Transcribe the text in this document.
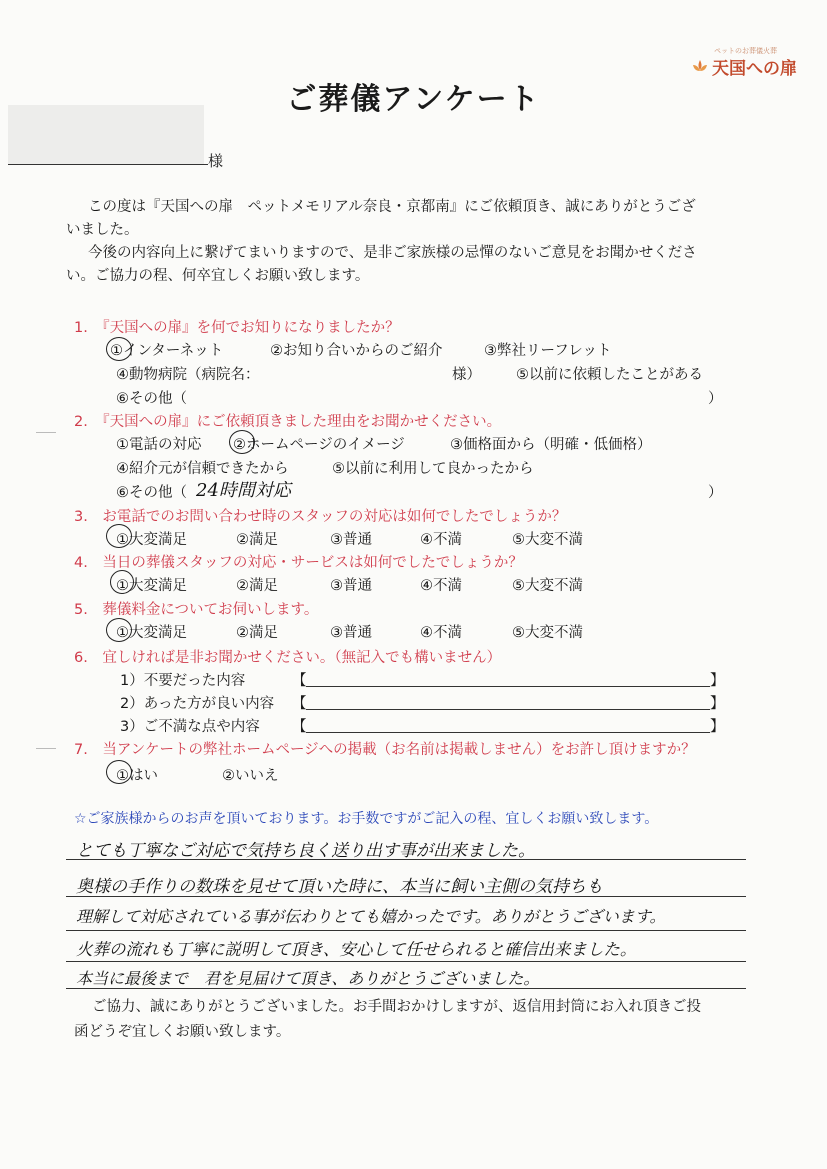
ペットのお葬儀火葬
天国への扉
ご葬儀アンケート
様

この度は『天国への扉　ペットメモリアル奈良・京都南』にご依頼頂き、誠にありがとうござ

いました。

今後の内容向上に繋げてまいりますので、是非ご家族様の忌憚のないご意見をお聞かせくださ

い。ご協力の程、何卒宜しくお願い致します。

1.　『天国への扉』を何でお知りになりましたか？
①インターネット	②お知り合いからのご紹介	③弊社リーフレット
④動物病院（病院名：	様） ⑤以前に依頼したことがある
⑥その他（	）
2.　『天国への扉』にご依頼頂きました理由をお聞かせください。
①電話の対応 ②ホームページのイメージ	③価格面から（明確・低価格）
④紹介元が信頼できたから	⑤以前に利用して良かったから
⑥その他（ 24時間対応	）
3.　お電話でのお問い合わせ時のスタッフの対応は如何でしたでしょうか？
①大変満足	②満足	③普通	④不満	⑤大変不満
4.　当日の葬儀スタッフの対応・サービスは如何でしたでしょうか？
①大変満足	②満足	③普通	④不満	⑤大変不満
5.　葬儀料金についてお伺いします。
①大変満足	②満足	③普通	④不満	⑤大変不満
6.　宜しければ是非お聞かせください。（無記入でも構いません）
1）不要だった内容	【	】
2）あった方が良い内容 【	】
3）ご不満な点や内容 【	】
7.　当アンケートの弊社ホームページへの掲載（お名前は掲載しません）をお許し頂けますか？
①はい	②いいえ
☆ご家族様からのお声を頂いております。お手数ですがご記入の程、宜しくお願い致します。
とても丁寧なご対応で気持ち良く送り出す事が出来ました。
奥様の手作りの数珠を見せて頂いた時に、本当に飼い主側の気持ちも
理解して対応されている事が伝わりとても嬉かったです。ありがとうございます。
火葬の流れも丁寧に説明して頂き、安心して任せられると確信出来ました。
本当に最後まで　君を見届けて頂き、ありがとうございました。

ご協力、誠にありがとうございました。お手間おかけしますが、返信用封筒にお入れ頂きご投

函どうぞ宜しくお願い致します。
